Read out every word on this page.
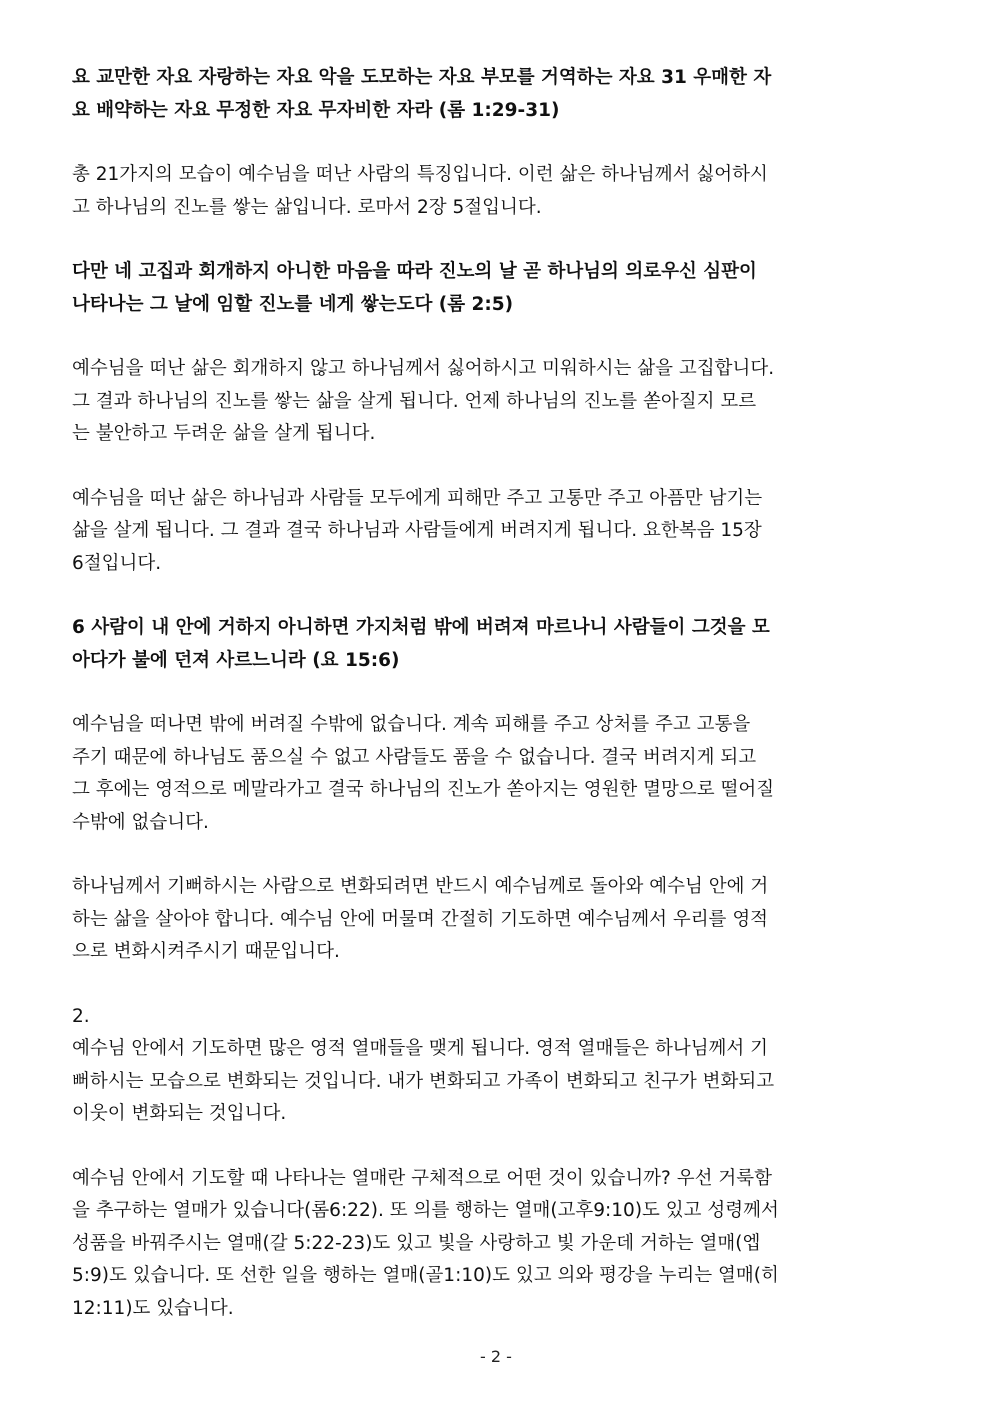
요 교만한 자요 자랑하는 자요 악을 도모하는 자요 부모를 거역하는 자요 31 우매한 자
요 배약하는 자요 무정한 자요 무자비한 자라 (롬 1:29-31)

총 21가지의 모습이 예수님을 떠난 사람의 특징입니다. 이런 삶은 하나님께서 싫어하시
고 하나님의 진노를 쌓는 삶입니다. 로마서 2장 5절입니다.

다만 네 고집과 회개하지 아니한 마음을 따라 진노의 날 곧 하나님의 의로우신 심판이
나타나는 그 날에 임할 진노를 네게 쌓는도다 (롬 2:5)

예수님을 떠난 삶은 회개하지 않고 하나님께서 싫어하시고 미워하시는 삶을 고집합니다.
그 결과 하나님의 진노를 쌓는 삶을 살게 됩니다. 언제 하나님의 진노를 쏟아질지 모르
는 불안하고 두려운 삶을 살게 됩니다.

예수님을 떠난 삶은 하나님과 사람들 모두에게 피해만 주고 고통만 주고 아픔만 남기는
삶을 살게 됩니다. 그 결과 결국 하나님과 사람들에게 버려지게 됩니다. 요한복음 15장
6절입니다.

6 사람이 내 안에 거하지 아니하면 가지처럼 밖에 버려져 마르나니 사람들이 그것을 모
아다가 불에 던져 사르느니라 (요 15:6)

예수님을 떠나면 밖에 버려질 수밖에 없습니다. 계속 피해를 주고 상처를 주고 고통을
주기 때문에 하나님도 품으실 수 없고 사람들도 품을 수 없습니다. 결국 버려지게 되고
그 후에는 영적으로 메말라가고 결국 하나님의 진노가 쏟아지는 영원한 멸망으로 떨어질
수밖에 없습니다.

하나님께서 기뻐하시는 사람으로 변화되려면 반드시 예수님께로 돌아와 예수님 안에 거
하는 삶을 살아야 합니다. 예수님 안에 머물며 간절히 기도하면 예수님께서 우리를 영적
으로 변화시켜주시기 때문입니다.

2.

예수님 안에서 기도하면 많은 영적 열매들을 맺게 됩니다. 영적 열매들은 하나님께서 기
뻐하시는 모습으로 변화되는 것입니다. 내가 변화되고 가족이 변화되고 친구가 변화되고
이웃이 변화되는 것입니다.

예수님 안에서 기도할 때 나타나는 열매란 구체적으로 어떤 것이 있습니까? 우선 거룩함
을 추구하는 열매가 있습니다(롬6:22). 또 의를 행하는 열매(고후9:10)도 있고 성령께서
성품을 바꿔주시는 열매(갈 5:22-23)도 있고 빛을 사랑하고 빛 가운데 거하는 열매(엡
5:9)도 있습니다. 또 선한 일을 행하는 열매(골1:10)도 있고 의와 평강을 누리는 열매(히
12:11)도 있습니다.

- 2 -
